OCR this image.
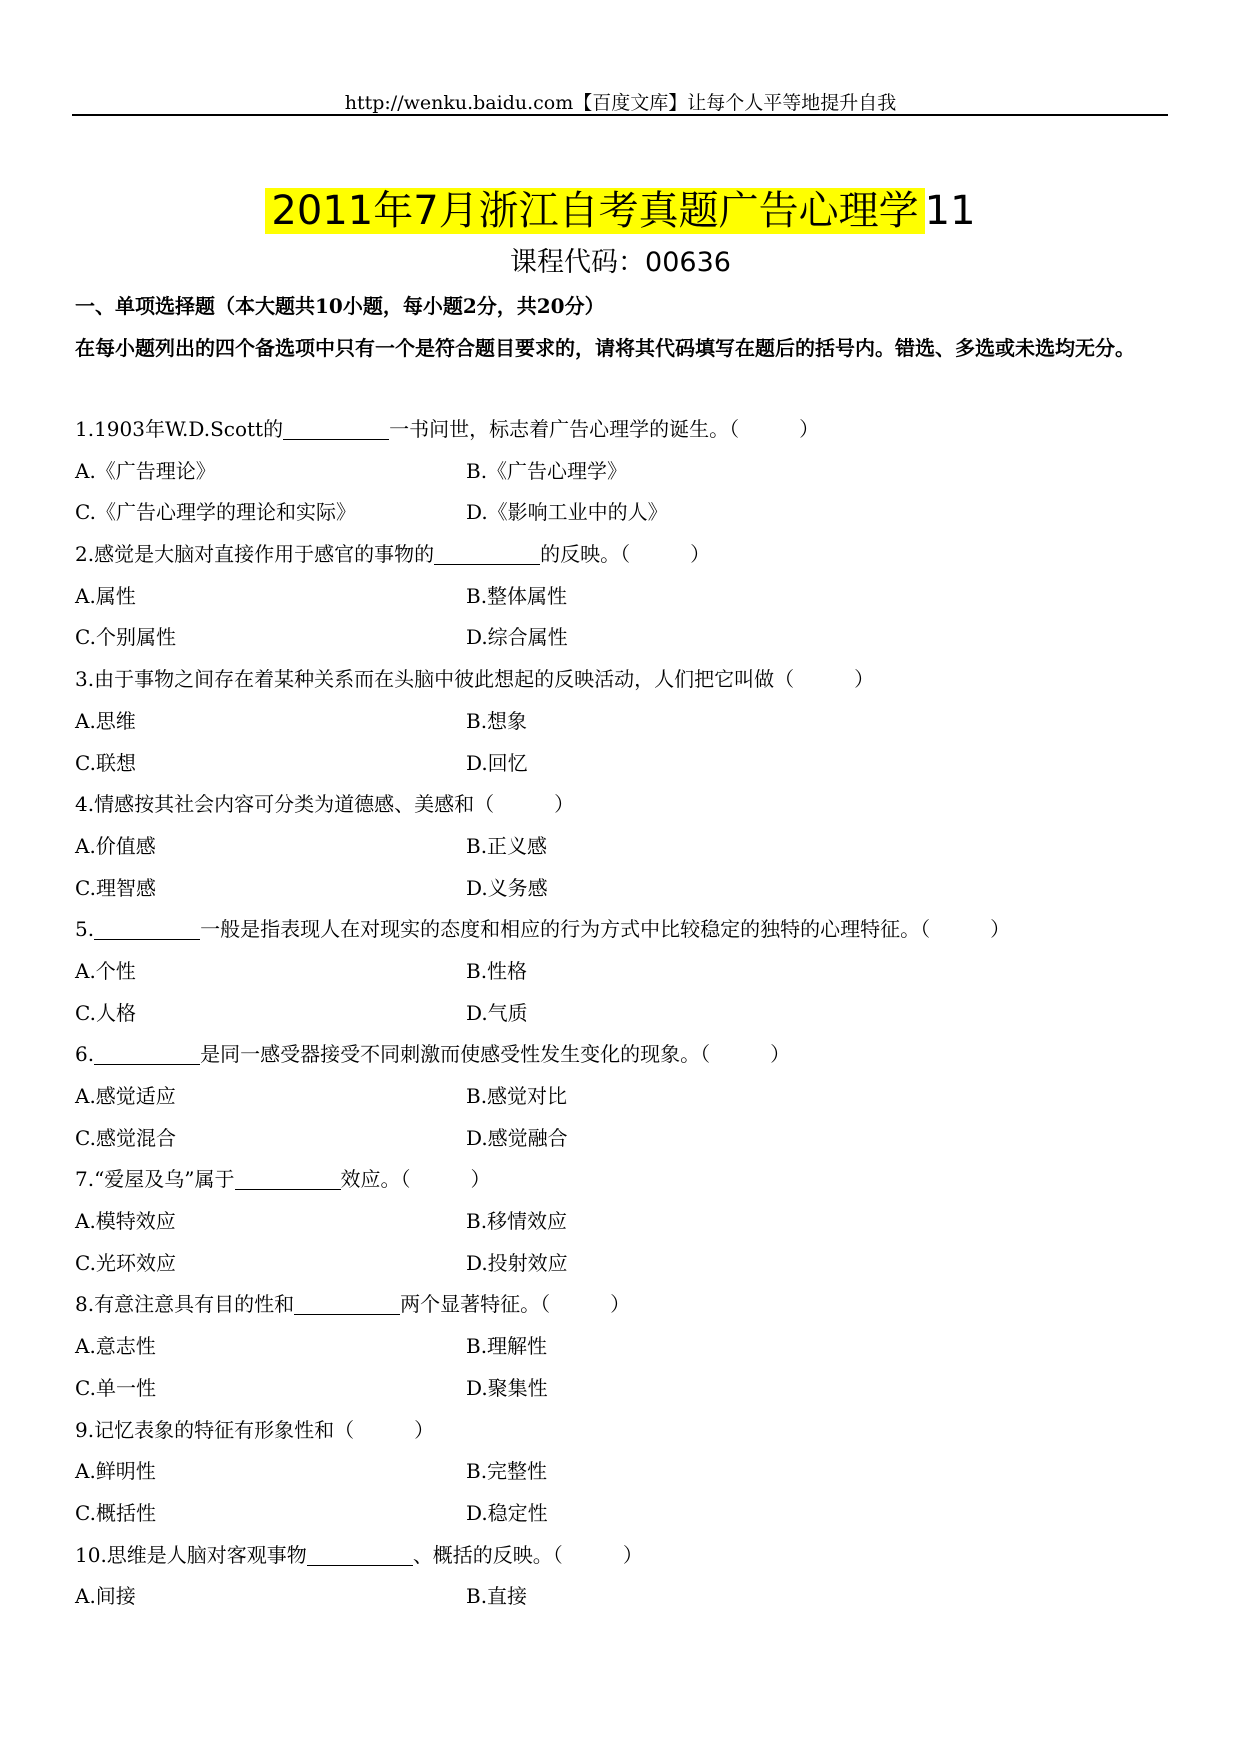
http://wenku.baidu.com【百度文库】让每个人平等地提升自我
2011年7月浙江自考真题广告心理学 11
课程代码：00636
一、单项选择题（本大题共10小题，每小题2分，共20分）
在每小题列出的四个备选项中只有一个是符合题目要求的，请将其代码填写在题后的括号内。错选、多选或未选均无分。
1.1903年W.D.Scott的	一书问世，标志着广告心理学的诞生。（	）
A.《广告理论》	B.《广告心理学》
C.《广告心理学的理论和实际》	D.《影响工业中的人》
2.感觉是大脑对直接作用于感官的事物的	的反映。（	）
A.属性	B.整体属性
C.个别属性	D.综合属性
3.由于事物之间存在着某种关系而在头脑中彼此想起的反映活动，人们把它叫做（	）
A.思维	B.想象
C.联想	D.回忆
4.情感按其社会内容可分类为道德感、美感和（	）
A.价值感	B.正义感
C.理智感	D.义务感
5.	一般是指表现人在对现实的态度和相应的行为方式中比较稳定的独特的心理特征。（	）
A.个性	B.性格
C.人格	D.气质
6.	是同一感受器接受不同刺激而使感受性发生变化的现象。（	）
A.感觉适应	B.感觉对比
C.感觉混合	D.感觉融合
7.“爱屋及乌”属于	效应。（	）
A.模特效应	B.移情效应
C.光环效应	D.投射效应
8.有意注意具有目的性和	两个显著特征。（	）
A.意志性	B.理解性
C.单一性	D.聚集性
9.记忆表象的特征有形象性和（	）
A.鲜明性	B.完整性
C.概括性	D.稳定性
10.思维是人脑对客观事物	、概括的反映。（	）
A.间接	B.直接
